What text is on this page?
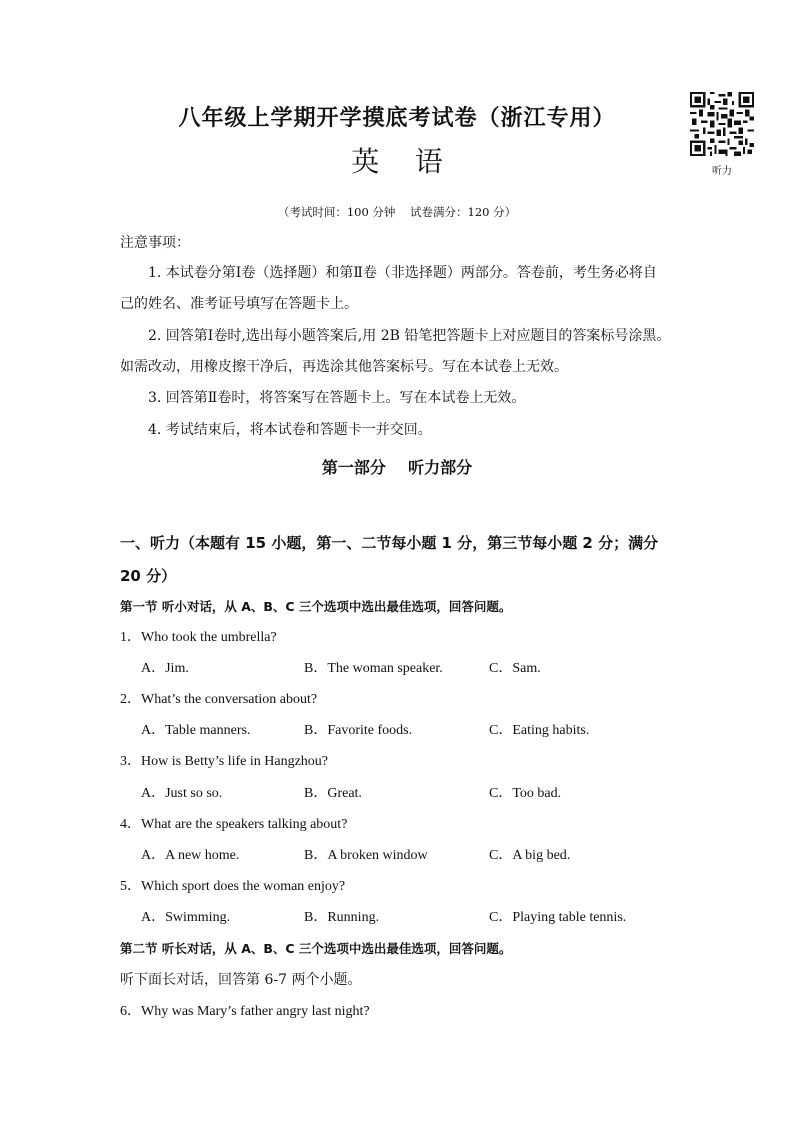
八年级上学期开学摸底考试卷（浙江专用）
英    语
（考试时间：100 分钟    试卷满分：120 分）
听力
注意事项：
1. 本试卷分第Ⅰ卷（选择题）和第Ⅱ卷（非选择题）两部分。答卷前，考生务必将自
己的姓名、准考证号填写在答题卡上。
2. 回答第Ⅰ卷时,选出每小题答案后,用 2B 铅笔把答题卡上对应题目的答案标号涂黑。
如需改动，用橡皮擦干净后，再选涂其他答案标号。写在本试卷上无效。
3. 回答第Ⅱ卷时，将答案写在答题卡上。写在本试卷上无效。
4. 考试结束后，将本试卷和答题卡一并交回。
第一部分    听力部分
一、听力（本题有 15 小题，第一、二节每小题 1 分，第三节每小题 2 分；满分
20 分）
第一节 听小对话，从 A、B、C 三个选项中选出最佳选项，回答问题。
1．Who took the umbrella?
A．Jim.	B．The woman speaker.	C．Sam.
2．What’s the conversation about?
A．Table manners.	B．Favorite foods.	C．Eating habits.
3．How is Betty’s life in Hangzhou?
A．Just so so.	B．Great.	C．Too bad.
4．What are the speakers talking about?
A．A new home.	B．A broken window	C．A big bed.
5．Which sport does the woman enjoy?
A．Swimming.	B．Running.	C．Playing table tennis.
第二节 听长对话，从 A、B、C 三个选项中选出最佳选项，回答问题。
听下面长对话，回答第 6-7 两个小题。
6．Why was Mary’s father angry last night?
